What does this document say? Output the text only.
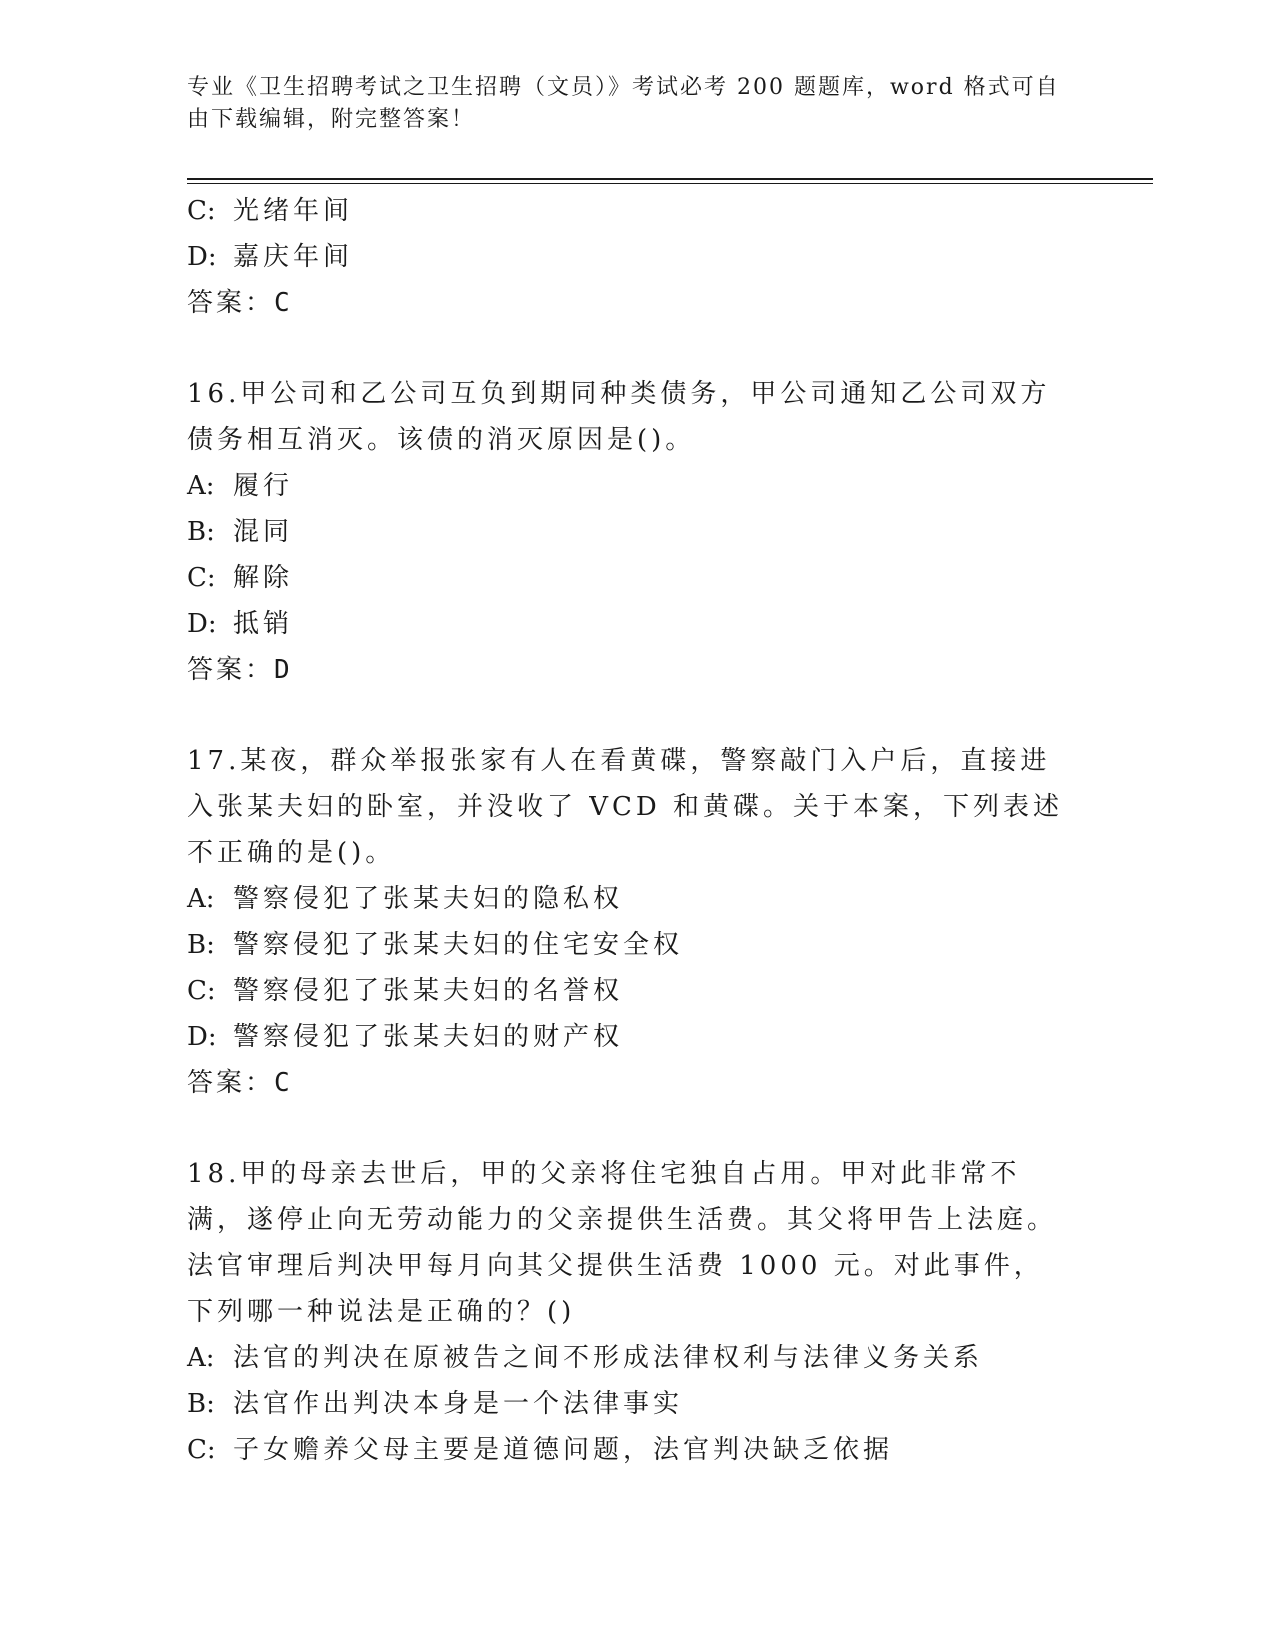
专业《卫生招聘考试之卫生招聘（文员）》考试必考 200 题题库，word 格式可自由下载编辑，附完整答案！
C: 光绪年间
D: 嘉庆年间
答案：C
16.甲公司和乙公司互负到期同种类债务，甲公司通知乙公司双方债务相互消灭。该债的消灭原因是()。
A: 履行
B: 混同
C: 解除
D: 抵销
答案：D
17.某夜，群众举报张家有人在看黄碟，警察敲门入户后，直接进入张某夫妇的卧室，并没收了 VCD 和黄碟。关于本案，下列表述不正确的是()。
A: 警察侵犯了张某夫妇的隐私权
B: 警察侵犯了张某夫妇的住宅安全权
C: 警察侵犯了张某夫妇的名誉权
D: 警察侵犯了张某夫妇的财产权
答案：C
18.甲的母亲去世后，甲的父亲将住宅独自占用。甲对此非常不满，遂停止向无劳动能力的父亲提供生活费。其父将甲告上法庭。法官审理后判决甲每月向其父提供生活费 1000 元。对此事件，下列哪一种说法是正确的？()
A: 法官的判决在原被告之间不形成法律权利与法律义务关系
B: 法官作出判决本身是一个法律事实
C: 子女赡养父母主要是道德问题，法官判决缺乏依据
